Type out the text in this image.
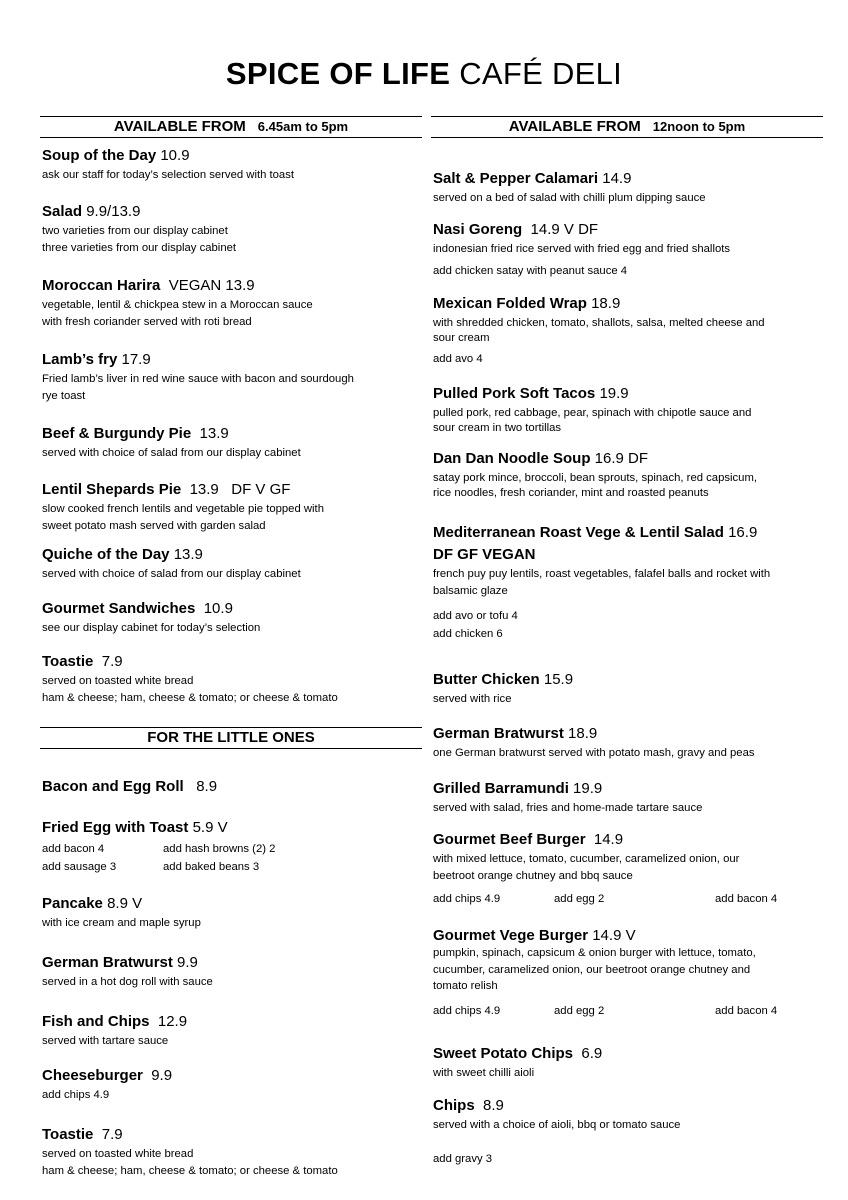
SPICE OF LIFE CAFÉ DELI
AVAILABLE FROM 6.45am to 5pm
Soup of the Day 10.9
ask our staff for today’s selection served with toast
Salad 9.9/13.9
two varieties from our display cabinet
three varieties from our display cabinet
Moroccan Harira VEGAN 13.9
vegetable, lentil & chickpea stew in a Moroccan sauce
with fresh coriander served with roti bread
Lamb’s fry 17.9
Fried lamb’s liver in red wine sauce with bacon and sourdough
rye toast
Beef & Burgundy Pie 13.9
served with choice of salad from our display cabinet
Lentil Shepards Pie 13.9   DF V GF
slow cooked french lentils and vegetable pie topped with
sweet potato mash served with garden salad
Quiche of the Day 13.9
served with choice of salad from our display cabinet
Gourmet Sandwiches 10.9
see our display cabinet for today’s selection
Toastie 7.9
served on toasted white bread
ham & cheese; ham, cheese & tomato; or cheese & tomato
FOR THE LITTLE ONES
Bacon and Egg Roll 8.9
Fried Egg with Toast 5.9 V
add bacon 4	add hash browns (2) 2
add sausage 3	add baked beans 3
Pancake 8.9 V
with ice cream and maple syrup
German Bratwurst 9.9
served in a hot dog roll with sauce
Fish and Chips 12.9
served with tartare sauce
Cheeseburger 9.9
add chips 4.9
Toastie 7.9
served on toasted white bread
ham & cheese; ham, cheese & tomato; or cheese & tomato
AVAILABLE FROM 12noon to 5pm
Salt & Pepper Calamari 14.9
served on a bed of salad with chilli plum dipping sauce
Nasi Goreng 14.9 V DF
indonesian fried rice served with fried egg and fried shallots
add chicken satay with peanut sauce 4
Mexican Folded Wrap 18.9
with shredded chicken, tomato, shallots, salsa, melted cheese and
sour cream
add avo 4
Pulled Pork Soft Tacos 19.9
pulled pork, red cabbage, pear, spinach with chipotle sauce and
sour cream in two tortillas
Dan Dan Noodle Soup 16.9 DF
satay pork mince, broccoli, bean sprouts, spinach, red capsicum,
rice noodles, fresh coriander, mint and roasted peanuts
Mediterranean Roast Vege & Lentil Salad 16.9
DF GF VEGAN
french puy puy lentils, roast vegetables, falafel balls and rocket with
balsamic glaze
add avo or tofu 4
add chicken 6
Butter Chicken 15.9
served with rice
German Bratwurst 18.9
one German bratwurst served with potato mash, gravy and peas
Grilled Barramundi 19.9
served with salad, fries and home-made tartare sauce
Gourmet Beef Burger 14.9
with mixed lettuce, tomato, cucumber, caramelized onion, our
beetroot orange chutney and bbq sauce
add chips 4.9	add egg 2	add bacon 4
Gourmet Vege Burger 14.9 V
pumpkin, spinach, capsicum & onion burger with lettuce, tomato,
cucumber, caramelized onion, our beetroot orange chutney and
tomato relish
add chips 4.9	add egg 2	add bacon 4
Sweet Potato Chips 6.9
with sweet chilli aioli
Chips 8.9
served with a choice of aioli, bbq or tomato sauce
add gravy 3
